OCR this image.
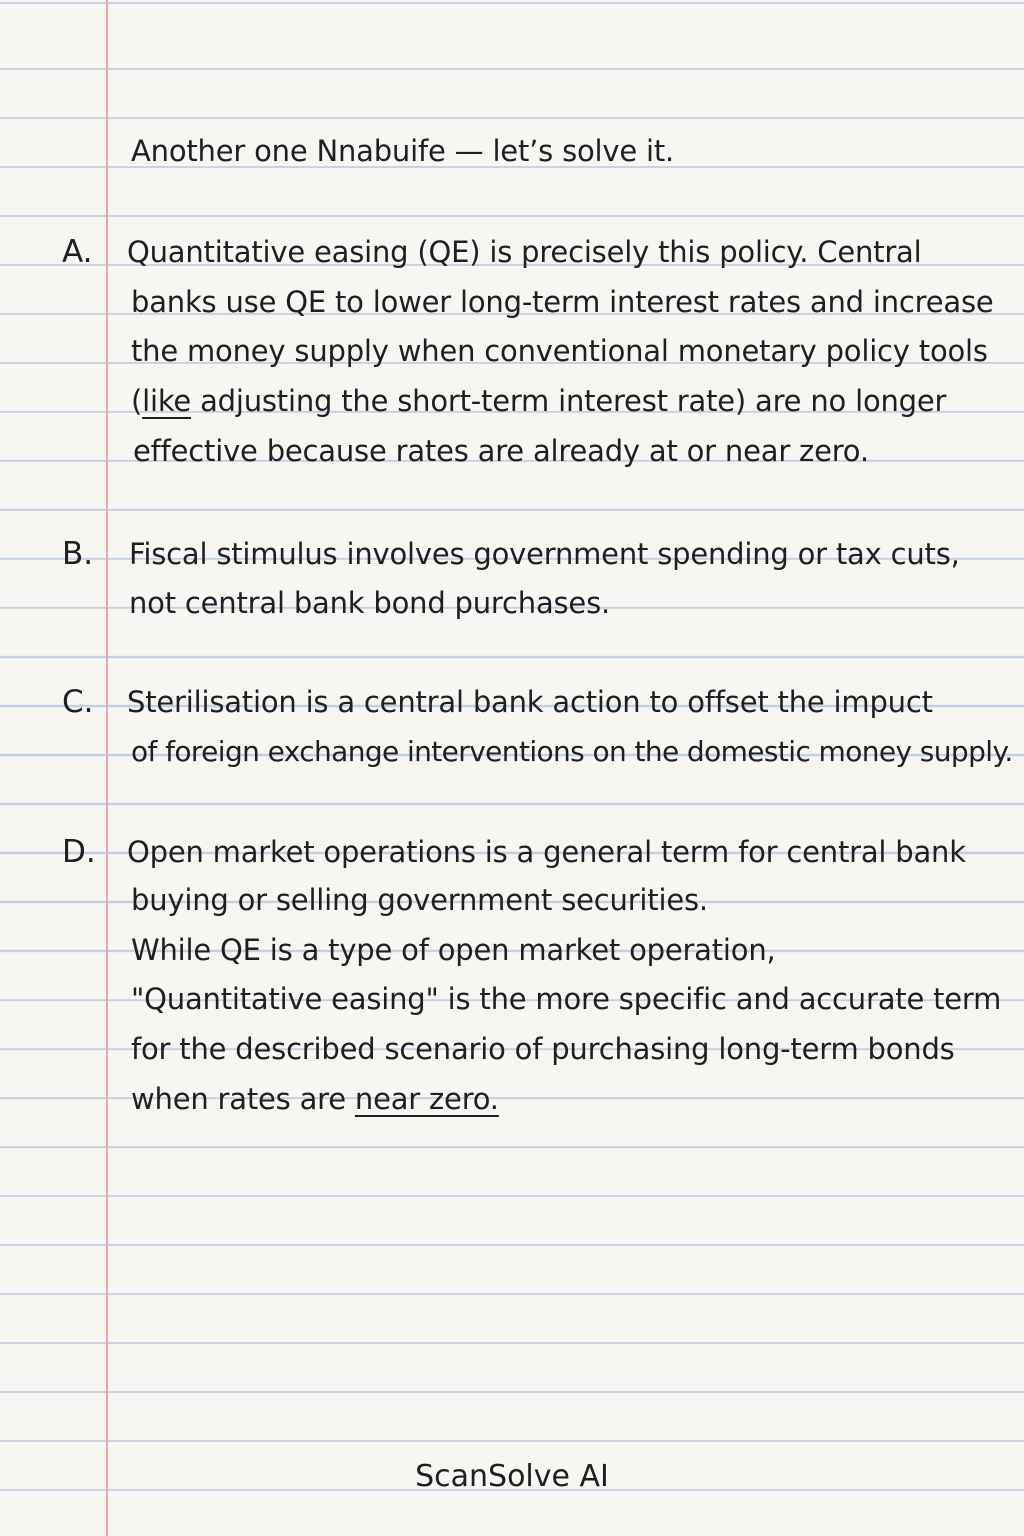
Another one Nnabuife — let’s solve it.
A. Quantitative easing (QE) is precisely this policy. Central
banks use QE to lower long-term interest rates and increase
the money supply when conventional monetary policy tools
(like adjusting the short-term interest rate) are no longer
effective because rates are already at or near zero.
B. Fiscal stimulus involves government spending or tax cuts,
not central bank bond purchases.
C. Sterilisation is a central bank action to offset the impuct
of foreign exchange interventions on the domestic money supply.
D. Open market operations is a general term for central bank
buying or selling government securities.
While QE is a type of open market operation,
"Quantitative easing" is the more specific and accurate term
for the described scenario of purchasing long-term bonds
when rates are near zero.
ScanSolve AI
